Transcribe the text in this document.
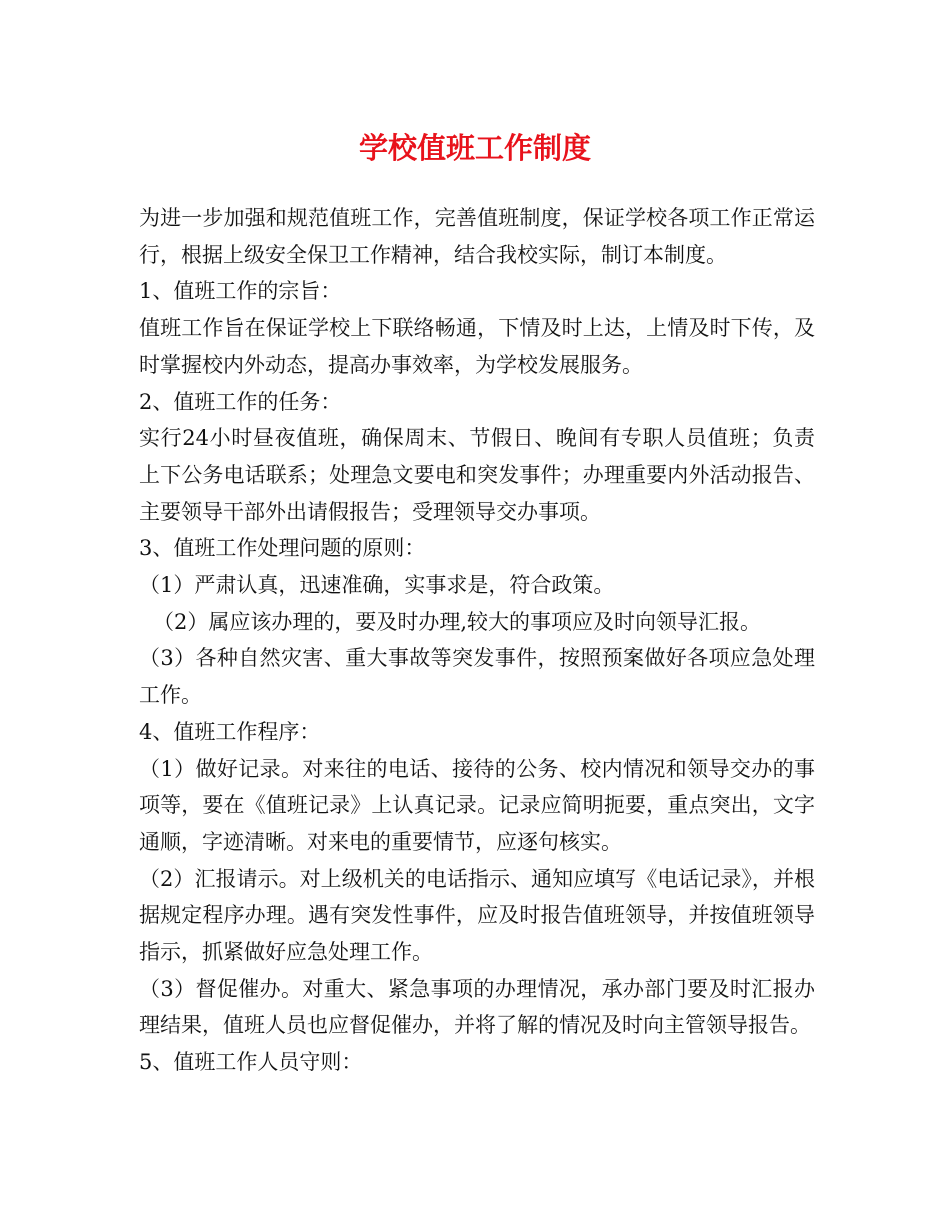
学校值班工作制度

为进一步加强和规范值班工作，完善值班制度，保证学校各项工作正常运行，根据上级安全保卫工作精神，结合我校实际，制订本制度。

1、值班工作的宗旨：

值班工作旨在保证学校上下联络畅通，下情及时上达，上情及时下传，及时掌握校内外动态，提高办事效率，为学校发展服务。

2、值班工作的任务：

实行24小时昼夜值班，确保周末、节假日、晚间有专职人员值班；负责上下公务电话联系；处理急文要电和突发事件；办理重要内外活动报告、主要领导干部外出请假报告；受理领导交办事项。

3、值班工作处理问题的原则：

（1）严肃认真，迅速准确，实事求是，符合政策。

（2）属应该办理的，要及时办理,较大的事项应及时向领导汇报。

（3）各种自然灾害、重大事故等突发事件，按照预案做好各项应急处理工作。

4、值班工作程序：

（1）做好记录。对来往的电话、接待的公务、校内情况和领导交办的事项等，要在《值班记录》上认真记录。记录应简明扼要，重点突出，文字通顺，字迹清晰。对来电的重要情节，应逐句核实。

（2）汇报请示。对上级机关的电话指示、通知应填写《电话记录》，并根据规定程序办理。遇有突发性事件，应及时报告值班领导，并按值班领导指示，抓紧做好应急处理工作。

（3）督促催办。对重大、紧急事项的办理情况，承办部门要及时汇报办理结果，值班人员也应督促催办，并将了解的情况及时向主管领导报告。

5、值班工作人员守则：
